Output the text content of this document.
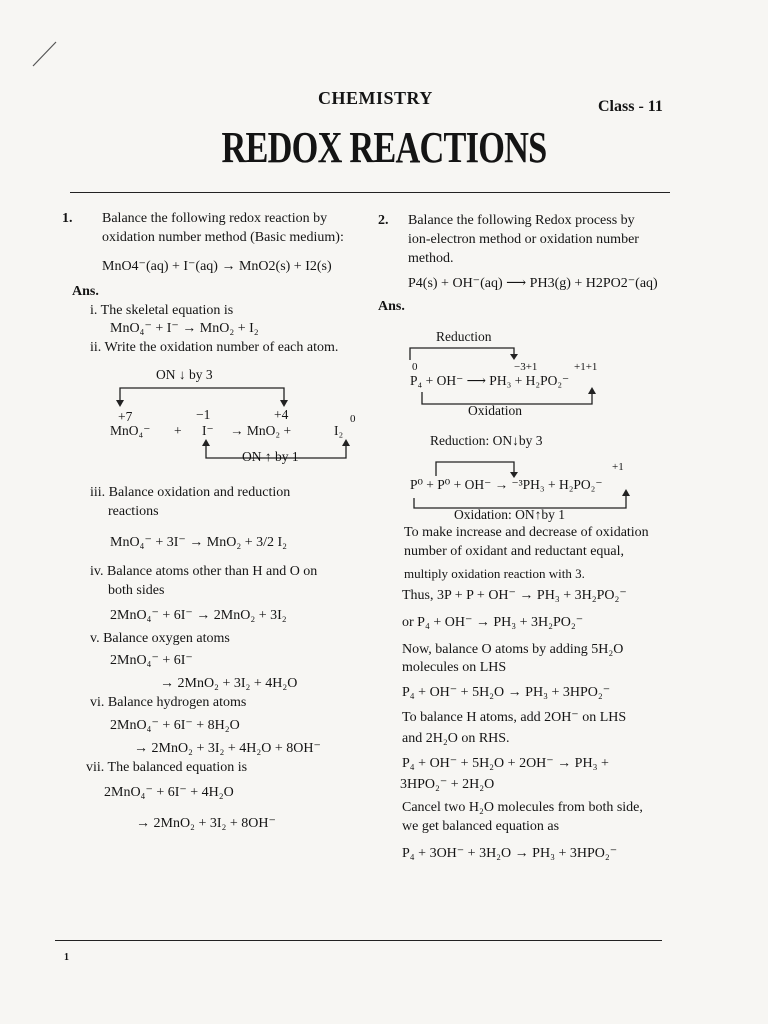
CHEMISTRY	Class - 11
REDOX REACTIONS
1. Balance the following redox reaction by
oxidation number method (Basic medium):
MnO4⁻(aq) + I⁻(aq) → MnO2(s) + I2(s)
Ans.
i. The skeletal equation is
MnO₄⁻ + I⁻ → MnO₂ + I₂
ii. Write the oxidation number of each atom.
ON ↓ by 3
+7	−1	+4	0
MnO₄⁻ + I⁻ → MnO₂ +	I₂
ON ↑ by 1
iii. Balance oxidation and reduction
reactions
MnO₄⁻ + 3I⁻ → MnO₂ + 3/2 I₂
iv. Balance atoms other than H and O on
both sides
2MnO₄⁻ + 6I⁻ → 2MnO₂ + 3I₂
v. Balance oxygen atoms
2MnO₄⁻ + 6I⁻
→ 2MnO₂ + 3I₂ + 4H₂O
vi. Balance hydrogen atoms
2MnO₄⁻ + 6I⁻ + 8H₂O
→ 2MnO₂ + 3I₂ + 4H₂O + 8OH⁻
vii. The balanced equation is
2MnO₄⁻ + 6I⁻ + 4H₂O
→ 2MnO₂ + 3I₂ + 8OH⁻
2. Balance the following Redox process by
ion-electron method or oxidation number
method.
P4(s) + OH⁻(aq) ⟶ PH3(g) + H2PO2⁻(aq)
Ans.
Reduction
0	−3+1	+1+1
P₄ + OH⁻ ⟶ PH₃ + H₂PO₂⁻
Oxidation
Reduction: ON↓by 3
+1
P⁰ + P⁰ + OH⁻ → ⁻³PH₃ + H₂PO₂⁻
Oxidation: ON↑by 1
To make increase and decrease of oxidation
number of oxidant and reductant equal,
multiply oxidation reaction with 3.
Thus, 3P + P + OH⁻ → PH₃ + 3H₂PO₂⁻
or P₄ + OH⁻ → PH₃ + 3H₂PO₂⁻
Now, balance O atoms by adding 5H₂O
molecules on LHS
P₄ + OH⁻ + 5H₂O → PH₃ + 3HPO₂⁻
To balance H atoms, add 2OH⁻ on LHS
and 2H₂O on RHS.
P₄ + OH⁻ + 5H₂O + 2OH⁻ → PH₃ +
3HPO₂⁻ + 2H₂O
Cancel two H₂O molecules from both side,
we get balanced equation as
P₄ + 3OH⁻ + 3H₂O → PH₃ + 3HPO₂⁻
1
